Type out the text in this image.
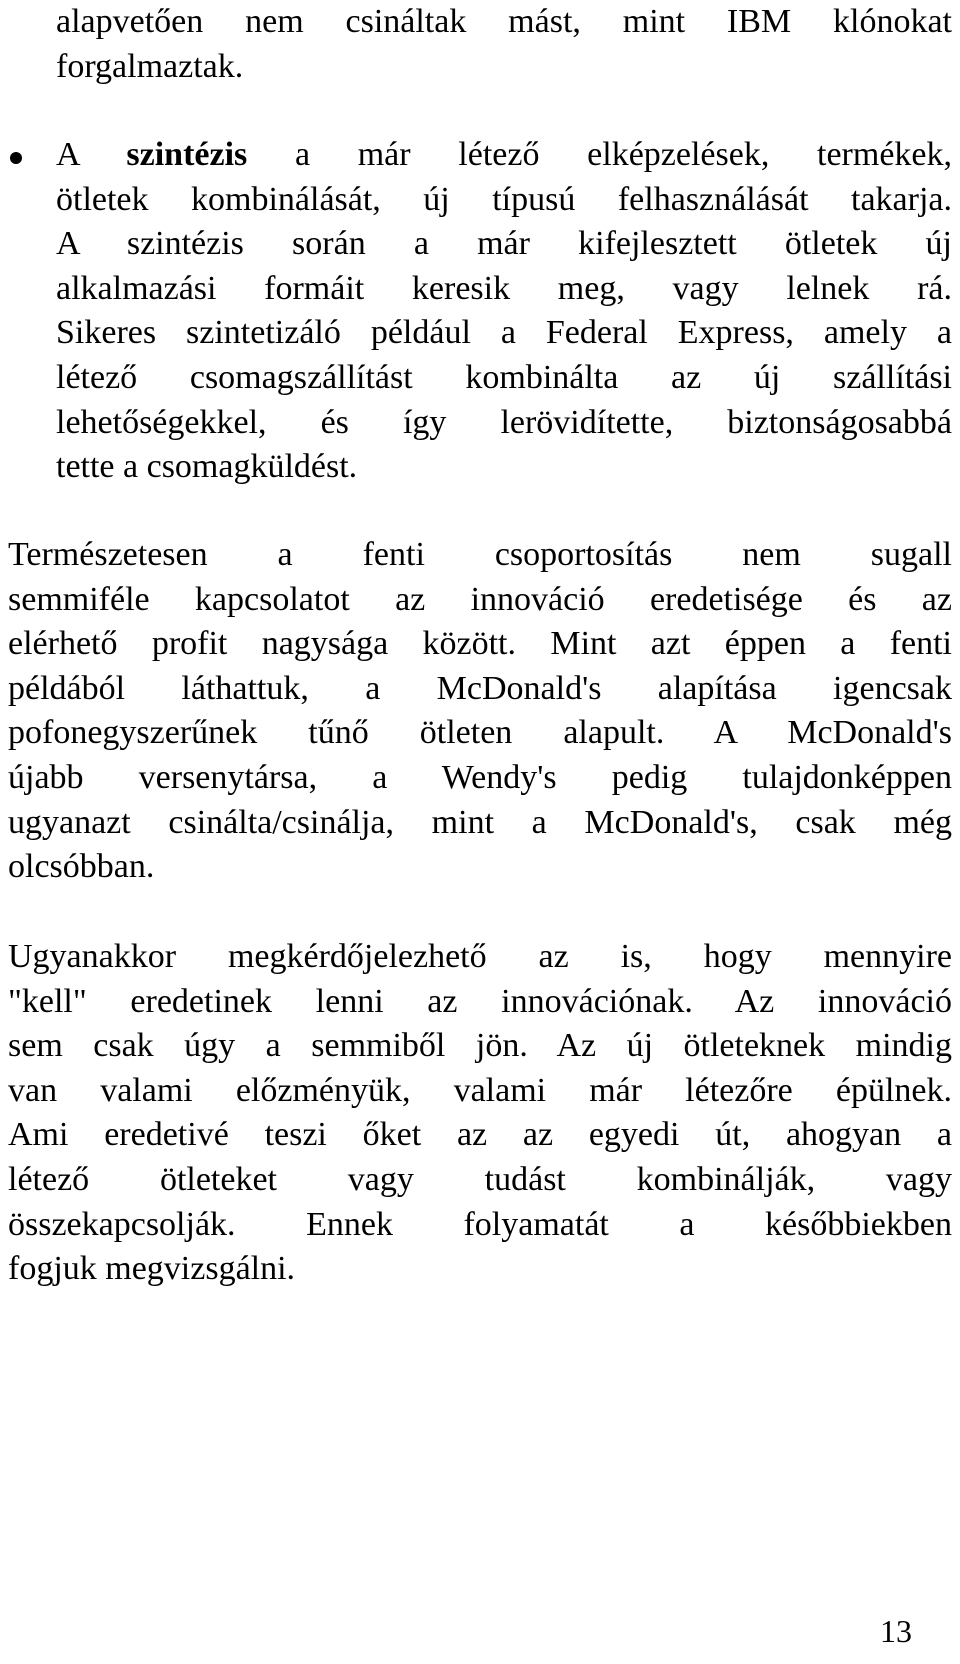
alapvetően nem csináltak mást, mint IBM klónokat
forgalmaztak.
A szintézis a már létező elképzelések, termékek,
ötletek kombinálását, új típusú felhasználását takarja.
A szintézis során a már kifejlesztett ötletek új
alkalmazási formáit keresik meg, vagy lelnek rá.
Sikeres szintetizáló például a Federal Express, amely a
létező csomagszállítást kombinálta az új szállítási
lehetőségekkel, és így lerövidítette, biztonságosabbá
tette a csomagküldést.
Természetesen a fenti csoportosítás nem sugall
semmiféle kapcsolatot az innováció eredetisége és az
elérhető profit nagysága között. Mint azt éppen a fenti
példából láthattuk, a McDonald's alapítása igencsak
pofonegyszerűnek tűnő ötleten alapult. A McDonald's
újabb versenytársa, a Wendy's pedig tulajdonképpen
ugyanazt csinálta/csinálja, mint a McDonald's, csak még
olcsóbban.
Ugyanakkor megkérdőjelezhető az is, hogy mennyire
"kell" eredetinek lenni az innovációnak. Az innováció
sem csak úgy a semmiből jön. Az új ötleteknek mindig
van valami előzményük, valami már létezőre épülnek.
Ami eredetivé teszi őket az az egyedi út, ahogyan a
létező ötleteket vagy tudást kombinálják, vagy
összekapcsolják. Ennek folyamatát a későbbiekben
fogjuk megvizsgálni.
13
